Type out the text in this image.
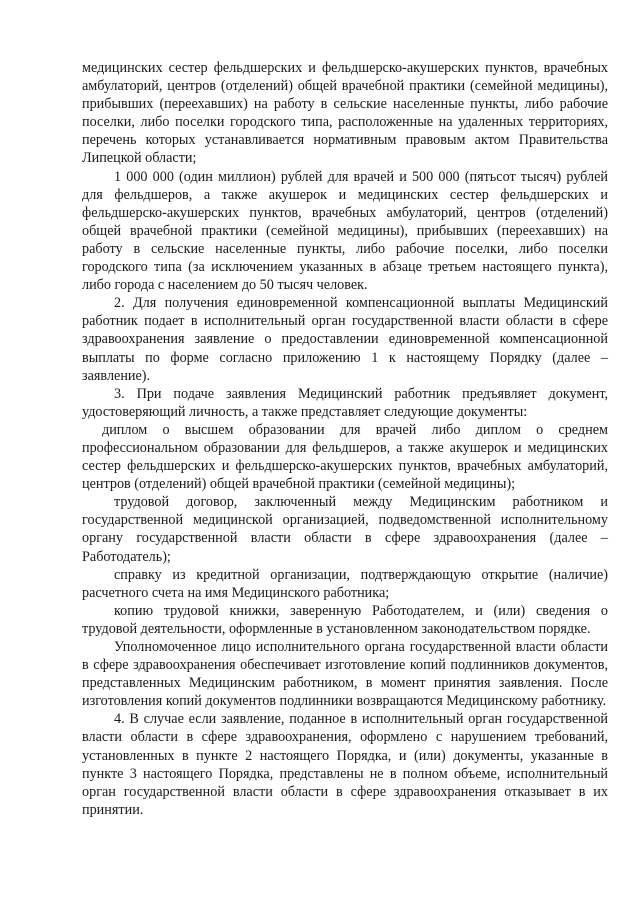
медицинских сестер фельдшерских и фельдшерско-акушерских пунктов, врачебных амбулаторий, центров (отделений) общей врачебной практики (семейной медицины), прибывших (переехавших) на работу в сельские населенные пункты, либо рабочие поселки, либо поселки городского типа, расположенные на удаленных территориях, перечень которых устанавливается нормативным правовым актом Правительства Липецкой области;

1 000 000 (один миллион) рублей для врачей и 500 000 (пятьсот тысяч) рублей для фельдшеров, а также акушерок и медицинских сестер фельдшерских и фельдшерско-акушерских пунктов, врачебных амбулаторий, центров (отделений) общей врачебной практики (семейной медицины), прибывших (переехавших) на работу в сельские населенные пункты, либо рабочие поселки, либо поселки городского типа (за исключением указанных в абзаце третьем настоящего пункта), либо города с населением до 50 тысяч человек.

2. Для получения единовременной компенсационной выплаты Медицинский работник подает в исполнительный орган государственной власти области в сфере здравоохранения заявление о предоставлении единовременной компенсационной выплаты по форме согласно приложению 1 к настоящему Порядку (далее – заявление).

3. При подаче заявления Медицинский работник предъявляет документ, удостоверяющий личность, а также представляет следующие документы:

диплом о высшем образовании для врачей либо диплом о среднем профессиональном образовании для фельдшеров, а также акушерок и медицинских сестер фельдшерских и фельдшерско-акушерских пунктов, врачебных амбулаторий, центров (отделений) общей врачебной практики (семейной медицины);

трудовой договор, заключенный между Медицинским работником и государственной медицинской организацией, подведомственной исполнительному органу государственной власти области в сфере здравоохранения (далее – Работодатель);

справку из кредитной организации, подтверждающую открытие (наличие) расчетного счета на имя Медицинского работника;

копию трудовой книжки, заверенную Работодателем, и (или) сведения о трудовой деятельности, оформленные в установленном законодательством порядке.

Уполномоченное лицо исполнительного органа государственной власти области в сфере здравоохранения обеспечивает изготовление копий подлинников документов, представленных Медицинским работником, в момент принятия заявления. После изготовления копий документов подлинники возвращаются Медицинскому работнику.

4. В случае если заявление, поданное в исполнительный орган государственной власти области в сфере здравоохранения, оформлено с нарушением требований, установленных в пункте 2 настоящего Порядка, и (или) документы, указанные в пункте 3 настоящего Порядка, представлены не в полном объеме, исполнительный орган государственной власти области в сфере здравоохранения отказывает в их принятии.
